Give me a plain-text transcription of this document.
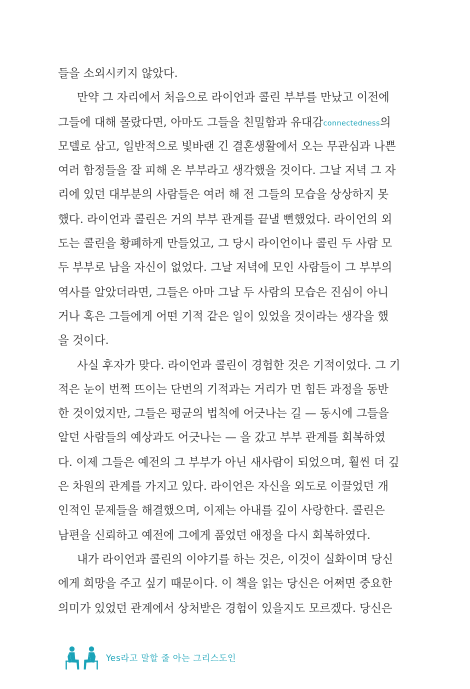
들을 소외시키지 않았다.
만약 그 자리에서 처음으로 라이언과 콜린 부부를 만났고 이전에
그들에 대해 몰랐다면, 아마도 그들을 친밀함과 유대감connectedness의
모델로 삼고, 일반적으로 빛바랜 긴 결혼생활에서 오는 무관심과 나쁜
여러 함정들을 잘 피해 온 부부라고 생각했을 것이다. 그날 저녁 그 자
리에 있던 대부분의 사람들은 여러 해 전 그들의 모습을 상상하지 못
했다. 라이언과 콜린은 거의 부부 관계를 끝낼 뻔했었다. 라이언의 외
도는 콜린을 황폐하게 만들었고, 그 당시 라이언이나 콜린 두 사람 모
두 부부로 남을 자신이 없었다. 그날 저녁에 모인 사람들이 그 부부의
역사를 알았더라면, 그들은 아마 그날 두 사람의 모습은 진심이 아니
거나 혹은 그들에게 어떤 기적 같은 일이 있었을 것이라는 생각을 했
을 것이다.
사실 후자가 맞다. 라이언과 콜린이 경험한 것은 기적이었다. 그 기
적은 눈이 번쩍 뜨이는 단번의 기적과는 거리가 먼 힘든 과정을 동반
한 것이었지만, 그들은 평균의 법칙에 어긋나는 길 — 동시에 그들을
알던 사람들의 예상과도 어긋나는 — 을 갔고 부부 관계를 회복하였
다. 이제 그들은 예전의 그 부부가 아닌 새사람이 되었으며, 훨씬 더 깊
은 차원의 관계를 가지고 있다. 라이언은 자신을 외도로 이끌었던 개
인적인 문제들을 해결했으며, 이제는 아내를 깊이 사랑한다. 콜린은
남편을 신뢰하고 예전에 그에게 품었던 애정을 다시 회복하였다.
내가 라이언과 콜린의 이야기를 하는 것은, 이것이 실화이며 당신
에게 희망을 주고 싶기 때문이다. 이 책을 읽는 당신은 어쩌면 중요한
의미가 있었던 관계에서 상처받은 경험이 있을지도 모르겠다. 당신은
Yes라고 말할 줄 아는 그리스도인
